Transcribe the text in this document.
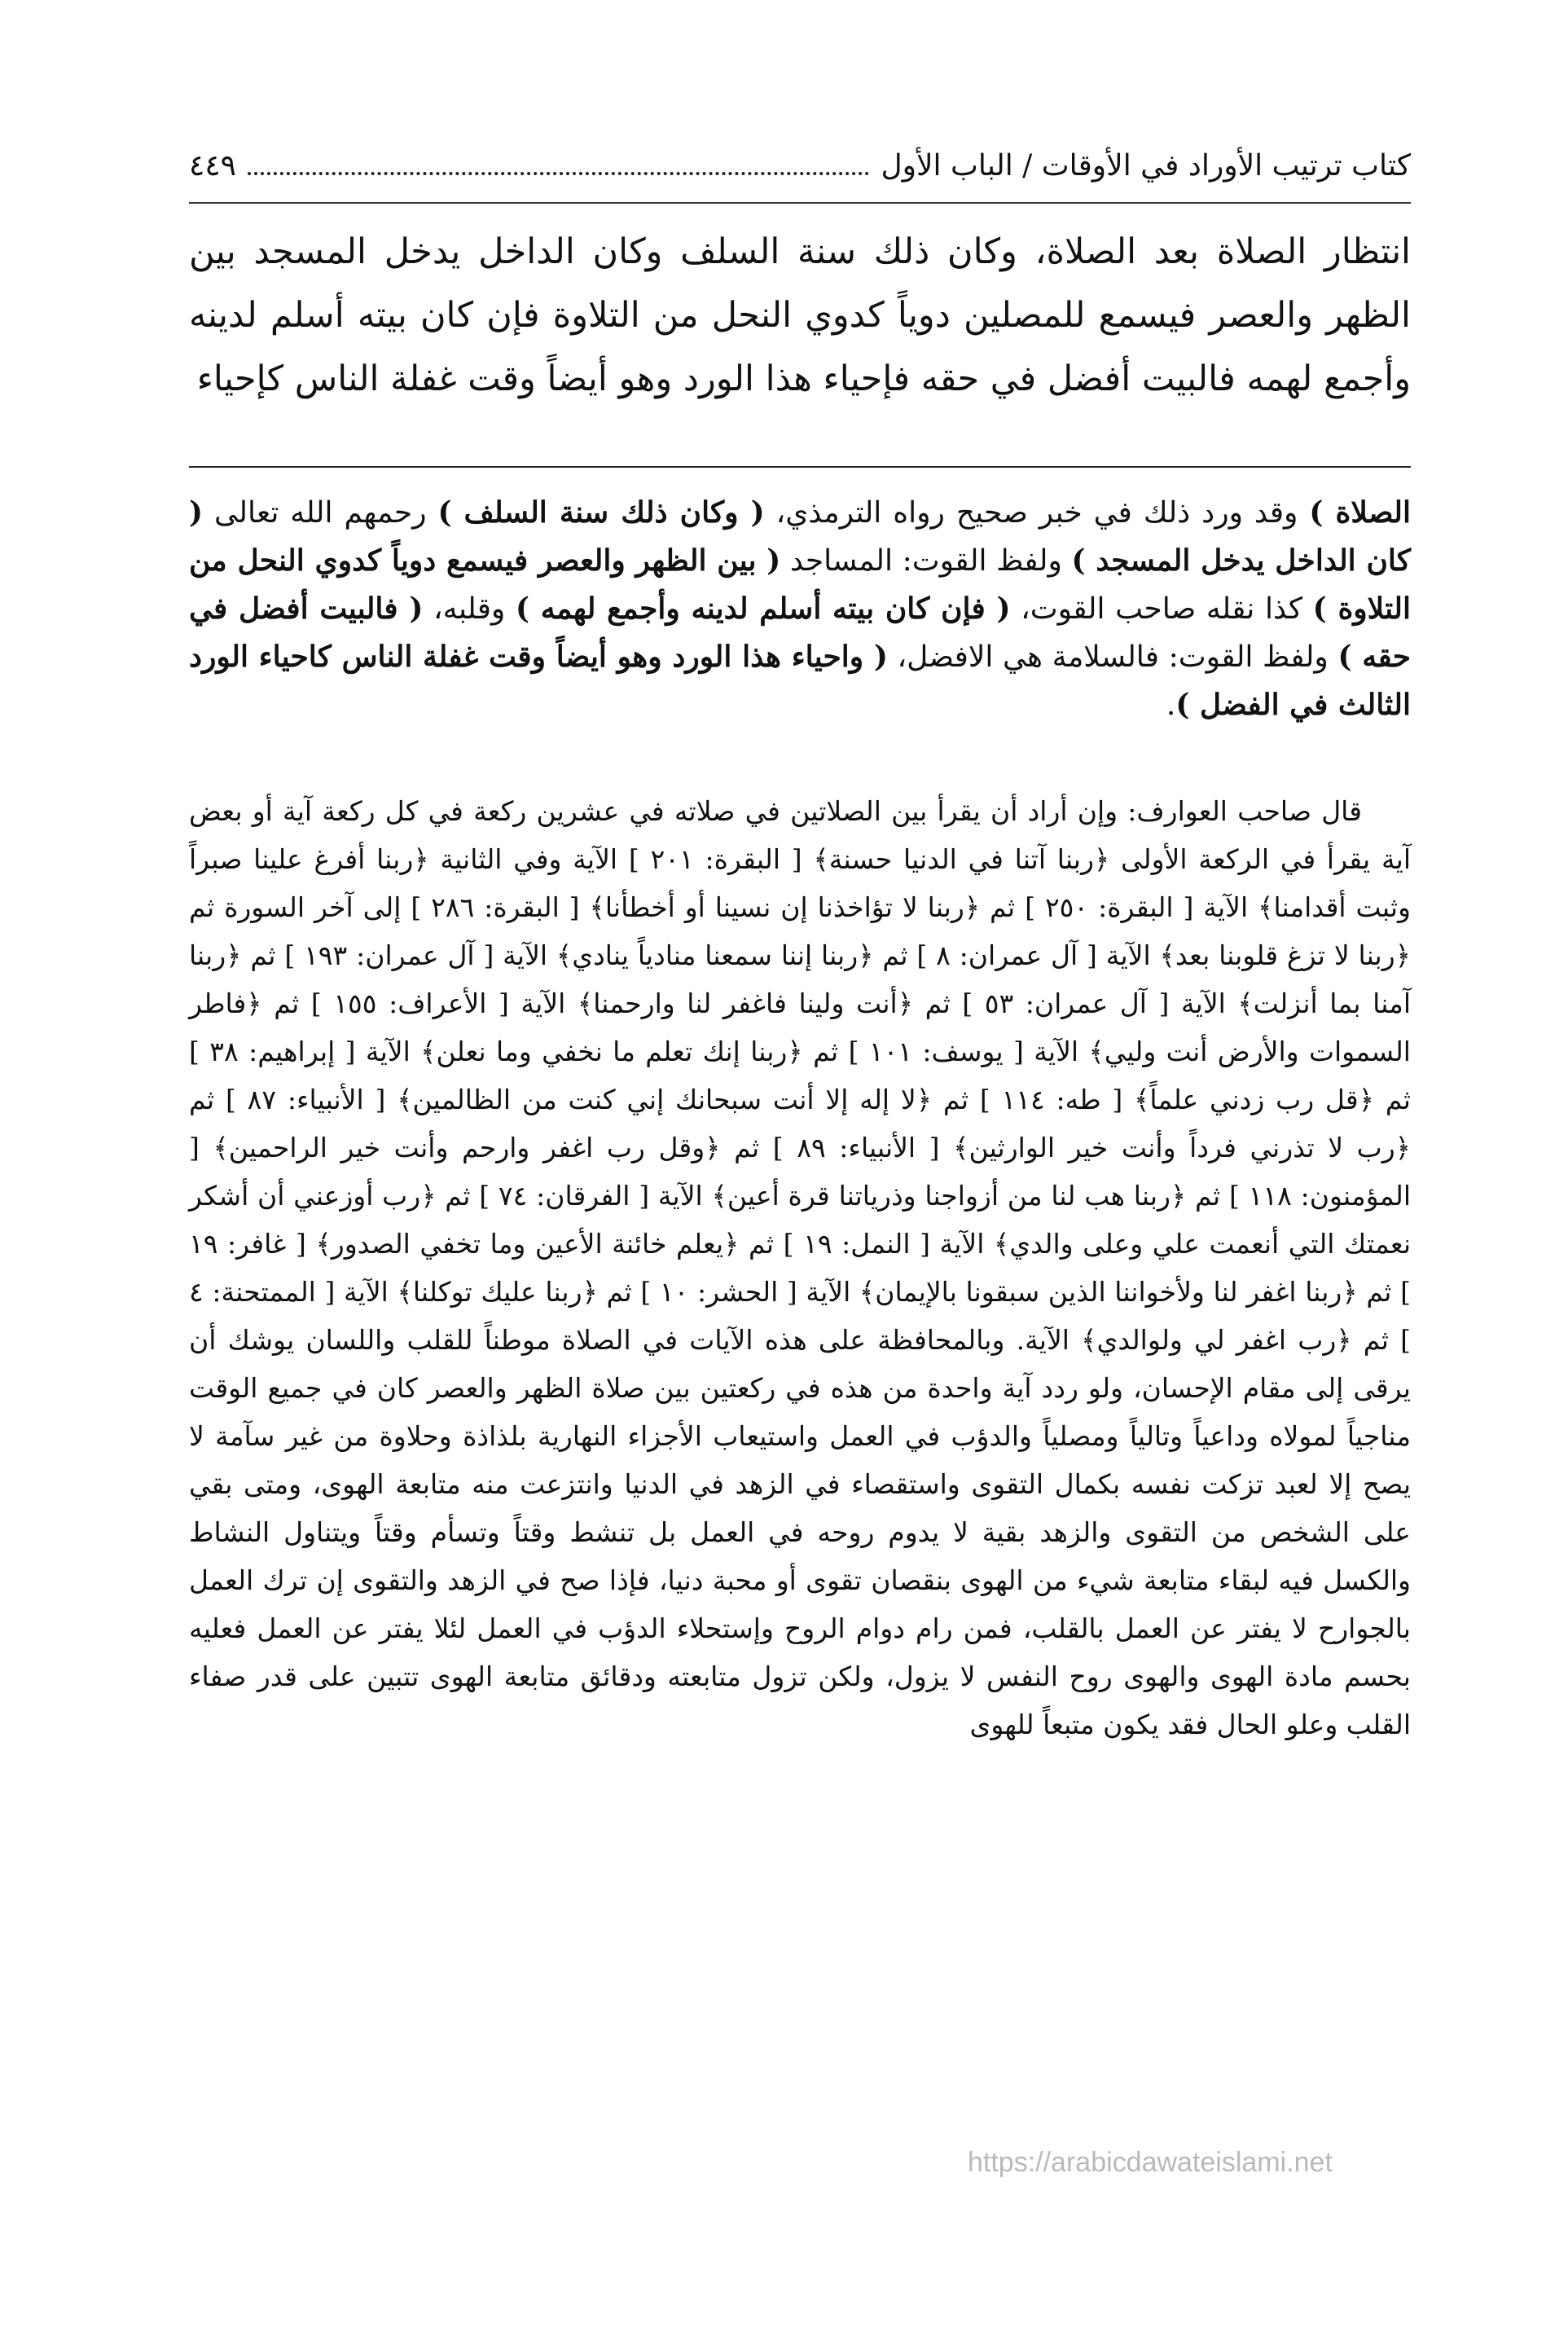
كتاب ترتيب الأوراد في الأوقات / الباب الأول
٤٤٩
انتظار الصلاة بعد الصلاة، وكان ذلك سنة السلف وكان الداخل يدخل المسجد بين الظهر والعصر فيسمع للمصلين دوياً كدوي النحل من التلاوة فإن كان بيته أسلم لدينه وأجمع لهمه فالبيت أفضل في حقه فإحياء هذا الورد وهو أيضاً وقت غفلة الناس كإحياء
الصلاة ) وقد ورد ذلك في خبر صحيح رواه الترمذي، ( وكان ذلك سنة السلف ) رحمهم الله تعالى ( كان الداخل يدخل المسجد ) ولفظ القوت: المساجد ( بين الظهر والعصر فيسمع دوياً كدوي النحل من التلاوة ) كذا نقله صاحب القوت، ( فإن كان بيته أسلم لدينه وأجمع لهمه ) وقلبه، ( فالبيت أفضل في حقه ) ولفظ القوت: فالسلامة هي الافضل، ( واحياء هذا الورد وهو أيضاً وقت غفلة الناس كاحياء الورد الثالث في الفضل ).
قال صاحب العوارف: وإن أراد أن يقرأ بين الصلاتين في صلاته في عشرين ركعة في كل ركعة آية أو بعض آية يقرأ في الركعة الأولى ﴿ربنا آتنا في الدنيا حسنة﴾ [ البقرة: ٢٠١ ] الآية وفي الثانية ﴿ربنا أفرغ علينا صبراً وثبت أقدامنا﴾ الآية [ البقرة: ٢٥٠ ] ثم ﴿ربنا لا تؤاخذنا إن نسينا أو أخطأنا﴾ [ البقرة: ٢٨٦ ] إلى آخر السورة ثم ﴿ربنا لا تزغ قلوبنا بعد﴾ الآية [ آل عمران: ٨ ] ثم ﴿ربنا إننا سمعنا منادياً ينادي﴾ الآية [ آل عمران: ١٩٣ ] ثم ﴿ربنا آمنا بما أنزلت﴾ الآية [ آل عمران: ٥٣ ] ثم ﴿أنت ولينا فاغفر لنا وارحمنا﴾ الآية [ الأعراف: ١٥٥ ] ثم ﴿فاطر السموات والأرض أنت وليي﴾ الآية [ يوسف: ١٠١ ] ثم ﴿ربنا إنك تعلم ما نخفي وما نعلن﴾ الآية [ إبراهيم: ٣٨ ] ثم ﴿قل رب زدني علماً﴾ [ طه: ١١٤ ] ثم ﴿لا إله إلا أنت سبحانك إني كنت من الظالمين﴾ [ الأنبياء: ٨٧ ] ثم ﴿رب لا تذرني فرداً وأنت خير الوارثين﴾ [ الأنبياء: ٨٩ ] ثم ﴿وقل رب اغفر وارحم وأنت خير الراحمين﴾ [ المؤمنون: ١١٨ ] ثم ﴿ربنا هب لنا من أزواجنا وذرياتنا قرة أعين﴾ الآية [ الفرقان: ٧٤ ] ثم ﴿رب أوزعني أن أشكر نعمتك التي أنعمت علي وعلى والدي﴾ الآية [ النمل: ١٩ ] ثم ﴿يعلم خائنة الأعين وما تخفي الصدور﴾ [ غافر: ١٩ ] ثم ﴿ربنا اغفر لنا ولأخواننا الذين سبقونا بالإيمان﴾ الآية [ الحشر: ١٠ ] ثم ﴿ربنا عليك توكلنا﴾ الآية [ الممتحنة: ٤ ] ثم ﴿رب اغفر لي ولوالدي﴾ الآية. وبالمحافظة على هذه الآيات في الصلاة موطناً للقلب واللسان يوشك أن يرقى إلى مقام الإحسان، ولو ردد آية واحدة من هذه في ركعتين بين صلاة الظهر والعصر كان في جميع الوقت مناجياً لمولاه وداعياً وتالياً ومصلياً والدؤب في العمل واستيعاب الأجزاء النهارية بلذاذة وحلاوة من غير سآمة لا يصح إلا لعبد تزكت نفسه بكمال التقوى واستقصاء في الزهد في الدنيا وانتزعت منه متابعة الهوى، ومتى بقي على الشخص من التقوى والزهد بقية لا يدوم روحه في العمل بل تنشط وقتاً وتسأم وقتاً ويتناول النشاط والكسل فيه لبقاء متابعة شيء من الهوى بنقصان تقوى أو محبة دنيا، فإذا صح في الزهد والتقوى إن ترك العمل بالجوارح لا يفتر عن العمل بالقلب، فمن رام دوام الروح وإستحلاء الدؤب في العمل لئلا يفتر عن العمل فعليه بحسم مادة الهوى والهوى روح النفس لا يزول، ولكن تزول متابعته ودقائق متابعة الهوى تتبين على قدر صفاء القلب وعلو الحال فقد يكون متبعاً للهوى
https://arabicdawateislami.net
